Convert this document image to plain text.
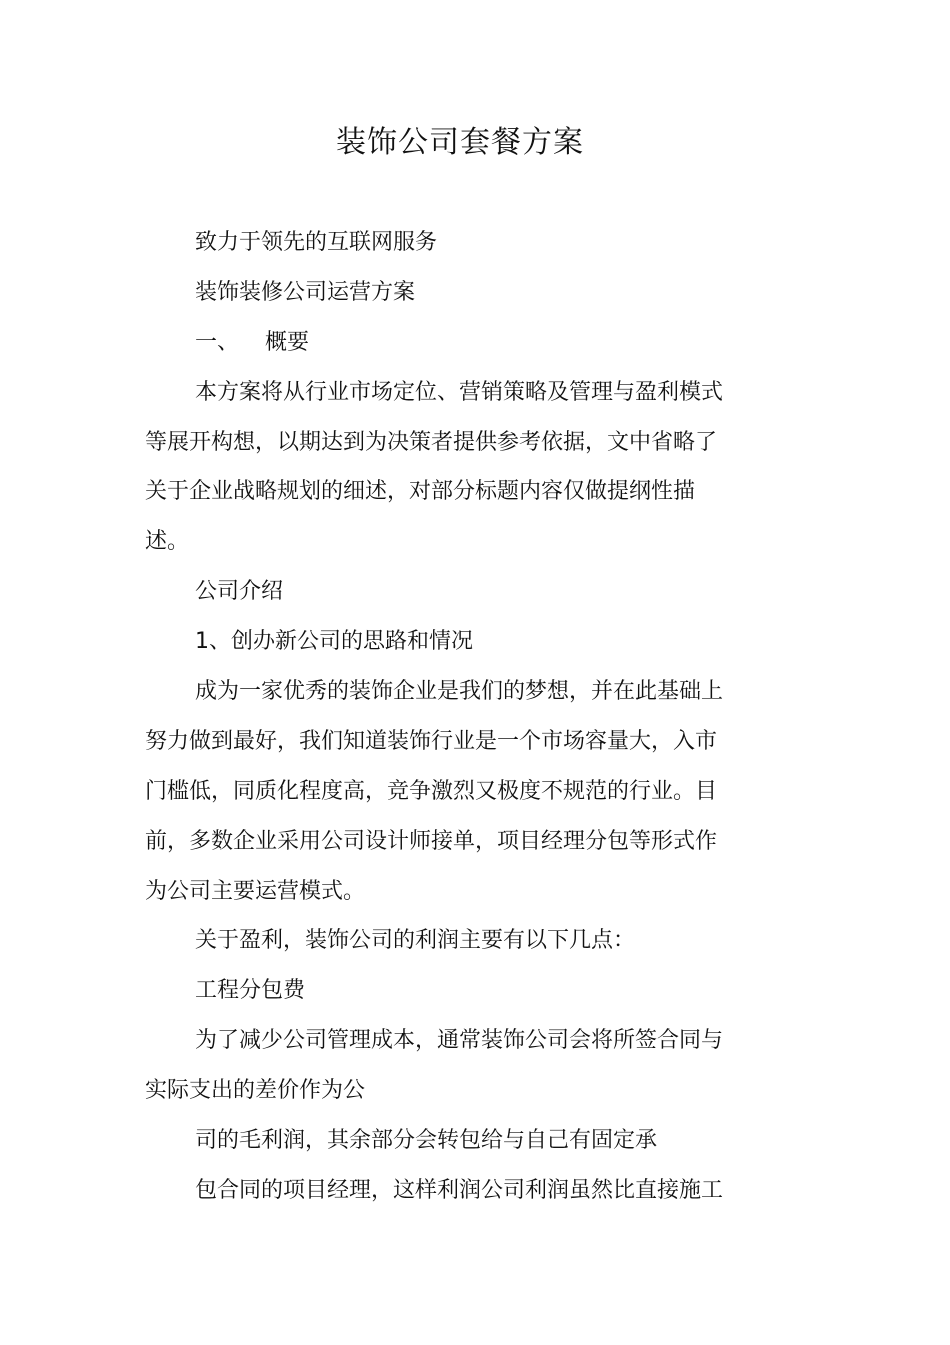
装饰公司套餐方案
致力于领先的互联网服务
装饰装修公司运营方案
一、 概要
本方案将从行业市场定位、营销策略及管理与盈利模式
等展开构想，以期达到为决策者提供参考依据，文中省略了
关于企业战略规划的细述，对部分标题内容仅做提纲性描
述。
公司介绍
1、创办新公司的思路和情况
成为一家优秀的装饰企业是我们的梦想，并在此基础上
努力做到最好，我们知道装饰行业是一个市场容量大，入市
门槛低，同质化程度高，竞争激烈又极度不规范的行业。目
前，多数企业采用公司设计师接单，项目经理分包等形式作
为公司主要运营模式。
关于盈利，装饰公司的利润主要有以下几点：
工程分包费
为了减少公司管理成本，通常装饰公司会将所签合同与
实际支出的差价作为公
司的毛利润，其余部分会转包给与自己有固定承
包合同的项目经理，这样利润公司利润虽然比直接施工
